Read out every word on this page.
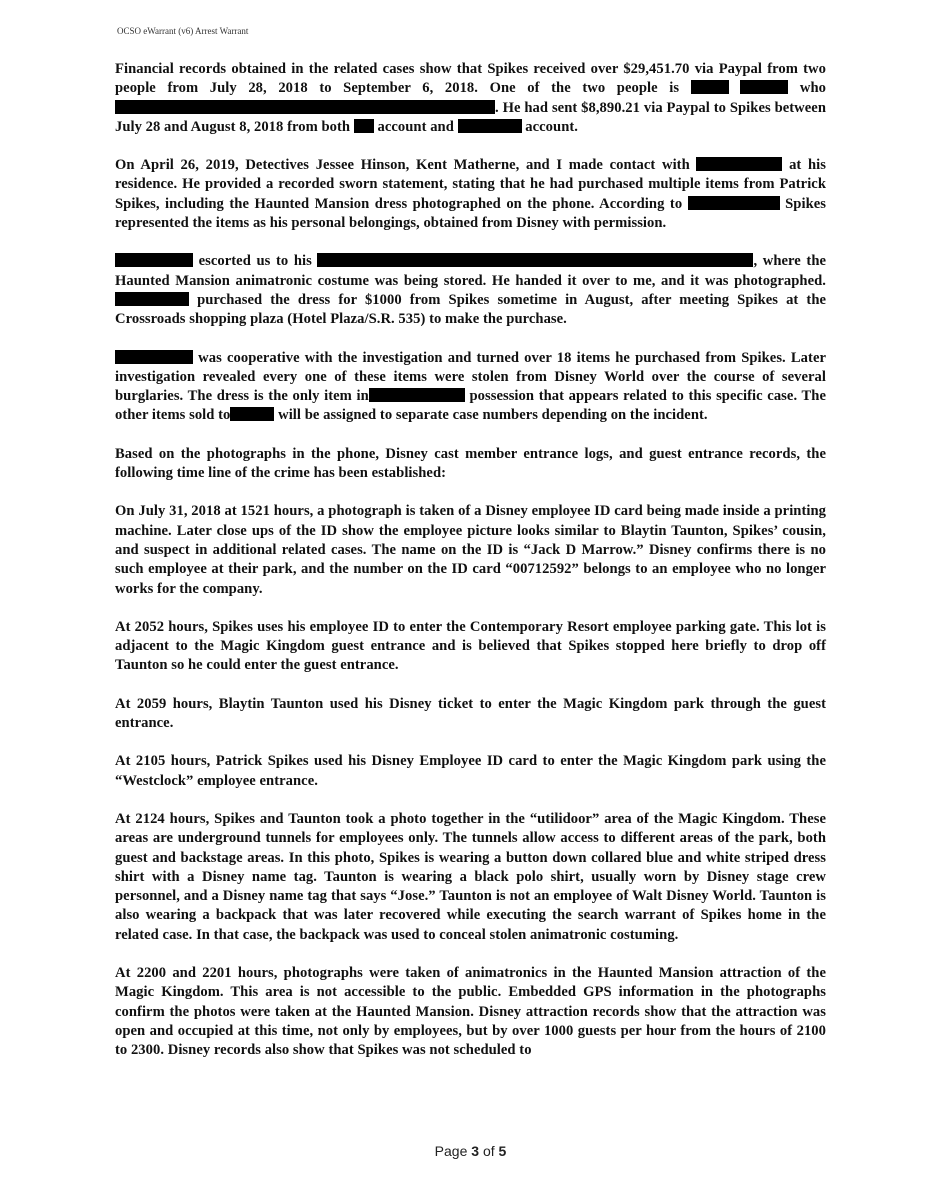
OCSO eWarrant (v6) Arrest Warrant

Financial records obtained in the related cases show that Spikes received over $29,451.70 via Paypal from two people from July 28, 2018 to September 6, 2018. One of the two people is	who . He had sent $8,890.21 via Paypal to Spikes between July 28 and August 8, 2018 from both account and	account.

On April 26, 2019, Detectives Jessee Hinson, Kent Matherne, and I made contact with	at his residence. He provided a recorded sworn statement, stating that he had purchased multiple items from Patrick Spikes, including the Haunted Mansion dress photographed on the phone. According to	Spikes represented the items as his personal belongings, obtained from Disney with permission.

escorted us to his	, where the Haunted Mansion animatronic costume was being stored. He handed it over to me, and it was photographed.  purchased the dress for $1000 from Spikes sometime in August, after meeting Spikes at the Crossroads shopping plaza (Hotel Plaza/S.R. 535) to make the purchase.

was cooperative with the investigation and turned over 18 items he purchased from Spikes. Later investigation revealed every one of these items were stolen from Disney World over the course of several burglaries. The dress is the only item in	possession that appears related to this specific case. The other items sold to	will be assigned to separate case numbers depending on the incident.

Based on the photographs in the phone, Disney cast member entrance logs, and guest entrance records, the following time line of the crime has been established:

On July 31, 2018 at 1521 hours, a photograph is taken of a Disney employee ID card being made inside a printing machine. Later close ups of the ID show the employee picture looks similar to Blaytin Taunton, Spikes’ cousin, and suspect in additional related cases. The name on the ID is “Jack D Marrow.” Disney confirms there is no such employee at their park, and the number on the ID card “00712592” belongs to an employee who no longer works for the company.

At 2052 hours, Spikes uses his employee ID to enter the Contemporary Resort employee parking gate. This lot is adjacent to the Magic Kingdom guest entrance and is believed that Spikes stopped here briefly to drop off Taunton so he could enter the guest entrance.

At 2059 hours, Blaytin Taunton used his Disney ticket to enter the Magic Kingdom park through the guest entrance.

At 2105 hours, Patrick Spikes used his Disney Employee ID card to enter the Magic Kingdom park using the “Westclock” employee entrance.

At 2124 hours, Spikes and Taunton took a photo together in the “utilidoor” area of the Magic Kingdom. These areas are underground tunnels for employees only. The tunnels allow access to different areas of the park, both guest and backstage areas. In this photo, Spikes is wearing a button down collared blue and white striped dress shirt with a Disney name tag. Taunton is wearing a black polo shirt, usually worn by Disney stage crew personnel, and a Disney name tag that says “Jose.” Taunton is not an employee of Walt Disney World. Taunton is also wearing a backpack that was later recovered while executing the search warrant of Spikes home in the related case. In that case, the backpack was used to conceal stolen animatronic costuming.

At 2200 and 2201 hours, photographs were taken of animatronics in the Haunted Mansion attraction of the Magic Kingdom. This area is not accessible to the public. Embedded GPS information in the photographs confirm the photos were taken at the Haunted Mansion. Disney attraction records show that the attraction was open and occupied at this time, not only by employees, but by over 1000 guests per hour from the hours of 2100 to 2300. Disney records also show that Spikes was not scheduled to

Page 3 of 5
